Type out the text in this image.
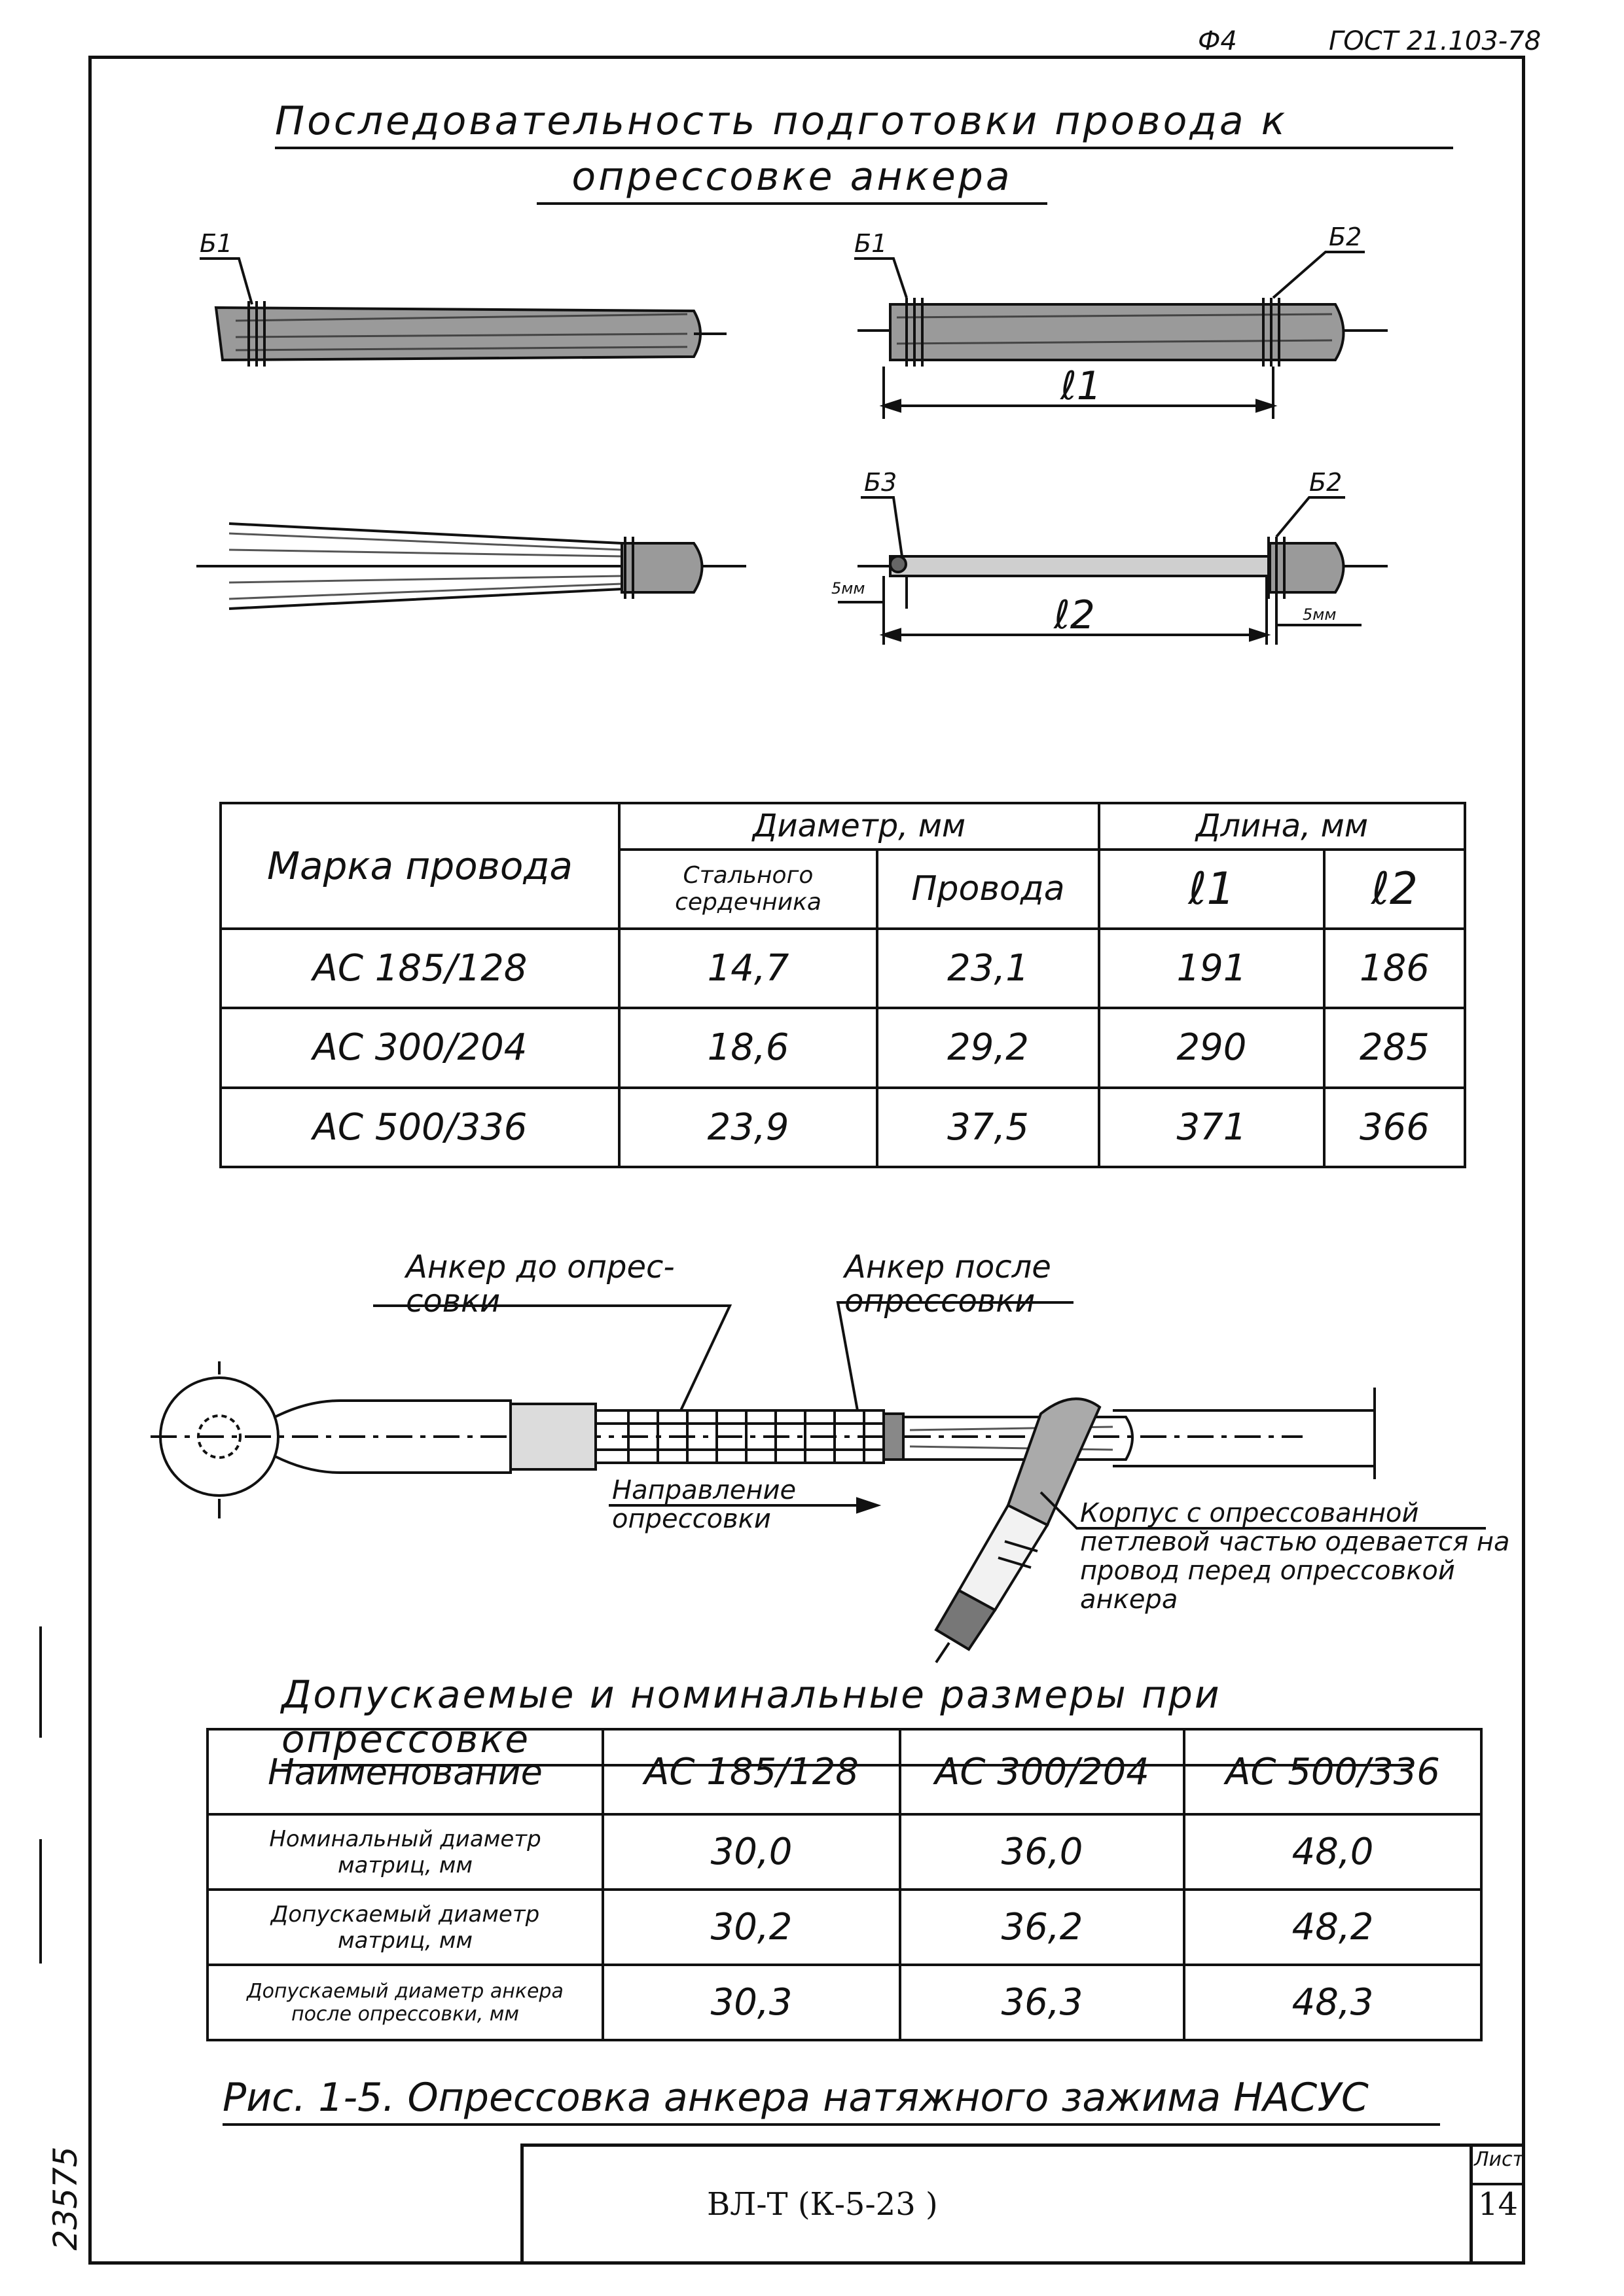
Ф4	ГОСТ 21.103-78
Последовательность подготовки провода к
опрессовке анкера
Б1	Б1	Б2
ℓ1
Б3	Б2
5мм
ℓ2	5мм
Марка провода	Диаметр, мм		Длина, мм	
	Стального сердечника	Провода	ℓ1	ℓ2
АС 185/128	14,7	23,1	191	186
АС 300/204	18,6	29,2	290	285
АС 500/336	23,9	37,5	371	366
Анкер до опрес- совки
Анкер после опрессовки
Направление опрессовки	Корпус с опрессованной петлевой частью одевается на провод перед опрессовкой анкера
Допускаемые и номинальные размеры при опрессовке
Наименование	АС 185/128	АС 300/204	АС 500/336
Номинальный диаметр матриц, мм	30,0	36,0	48,0
Допускаемый диаметр матриц, мм	30,2	36,2	48,2
Допускаемый диаметр анкера после опрессовки, мм	30,3	36,3	48,3
Рис. 1-5. Опрессовка анкера натяжного зажима НАСУС
ВЛ-Т (К-5-23 )
Лист
14
23575
